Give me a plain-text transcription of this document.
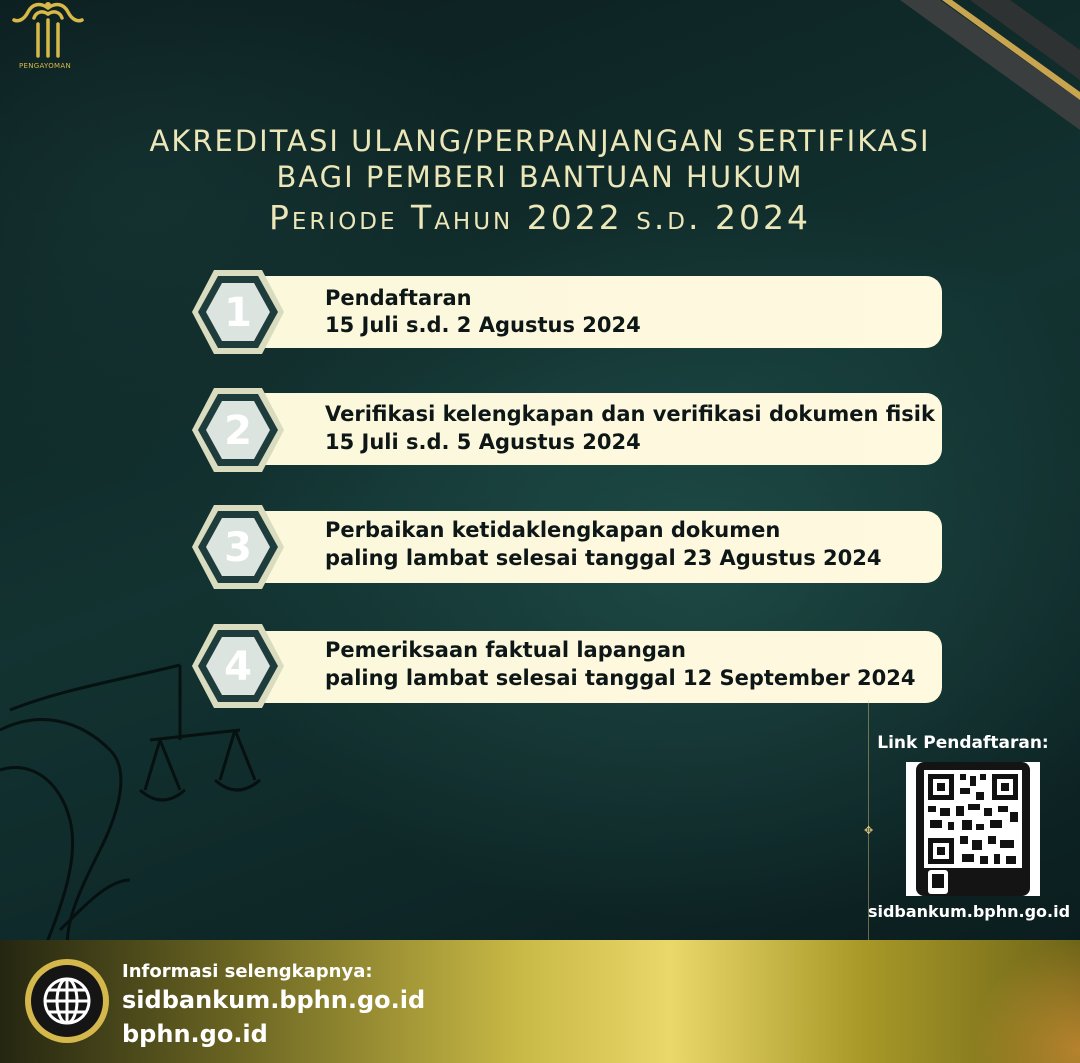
PENGAYOMAN
AKREDITASI ULANG/PERPANJANGAN SERTIFIKASI
BAGI PEMBERI BANTUAN HUKUM
Periode Tahun 2022 s.d. 2024
1	Pendaftaran
15 Juli s.d. 2 Agustus 2024
2	Verifikasi kelengkapan dan verifikasi dokumen fisik
15 Juli s.d. 5 Agustus 2024
3	Perbaikan ketidaklengkapan dokumen
paling lambat selesai tanggal 23 Agustus 2024
4	Pemeriksaan faktual lapangan
paling lambat selesai tanggal 12 September 2024
✥
Link Pendaftaran:
sidbankum.bphn.go.id
Informasi selengkapnya:
sidbankum.bphn.go.id
bphn.go.id
